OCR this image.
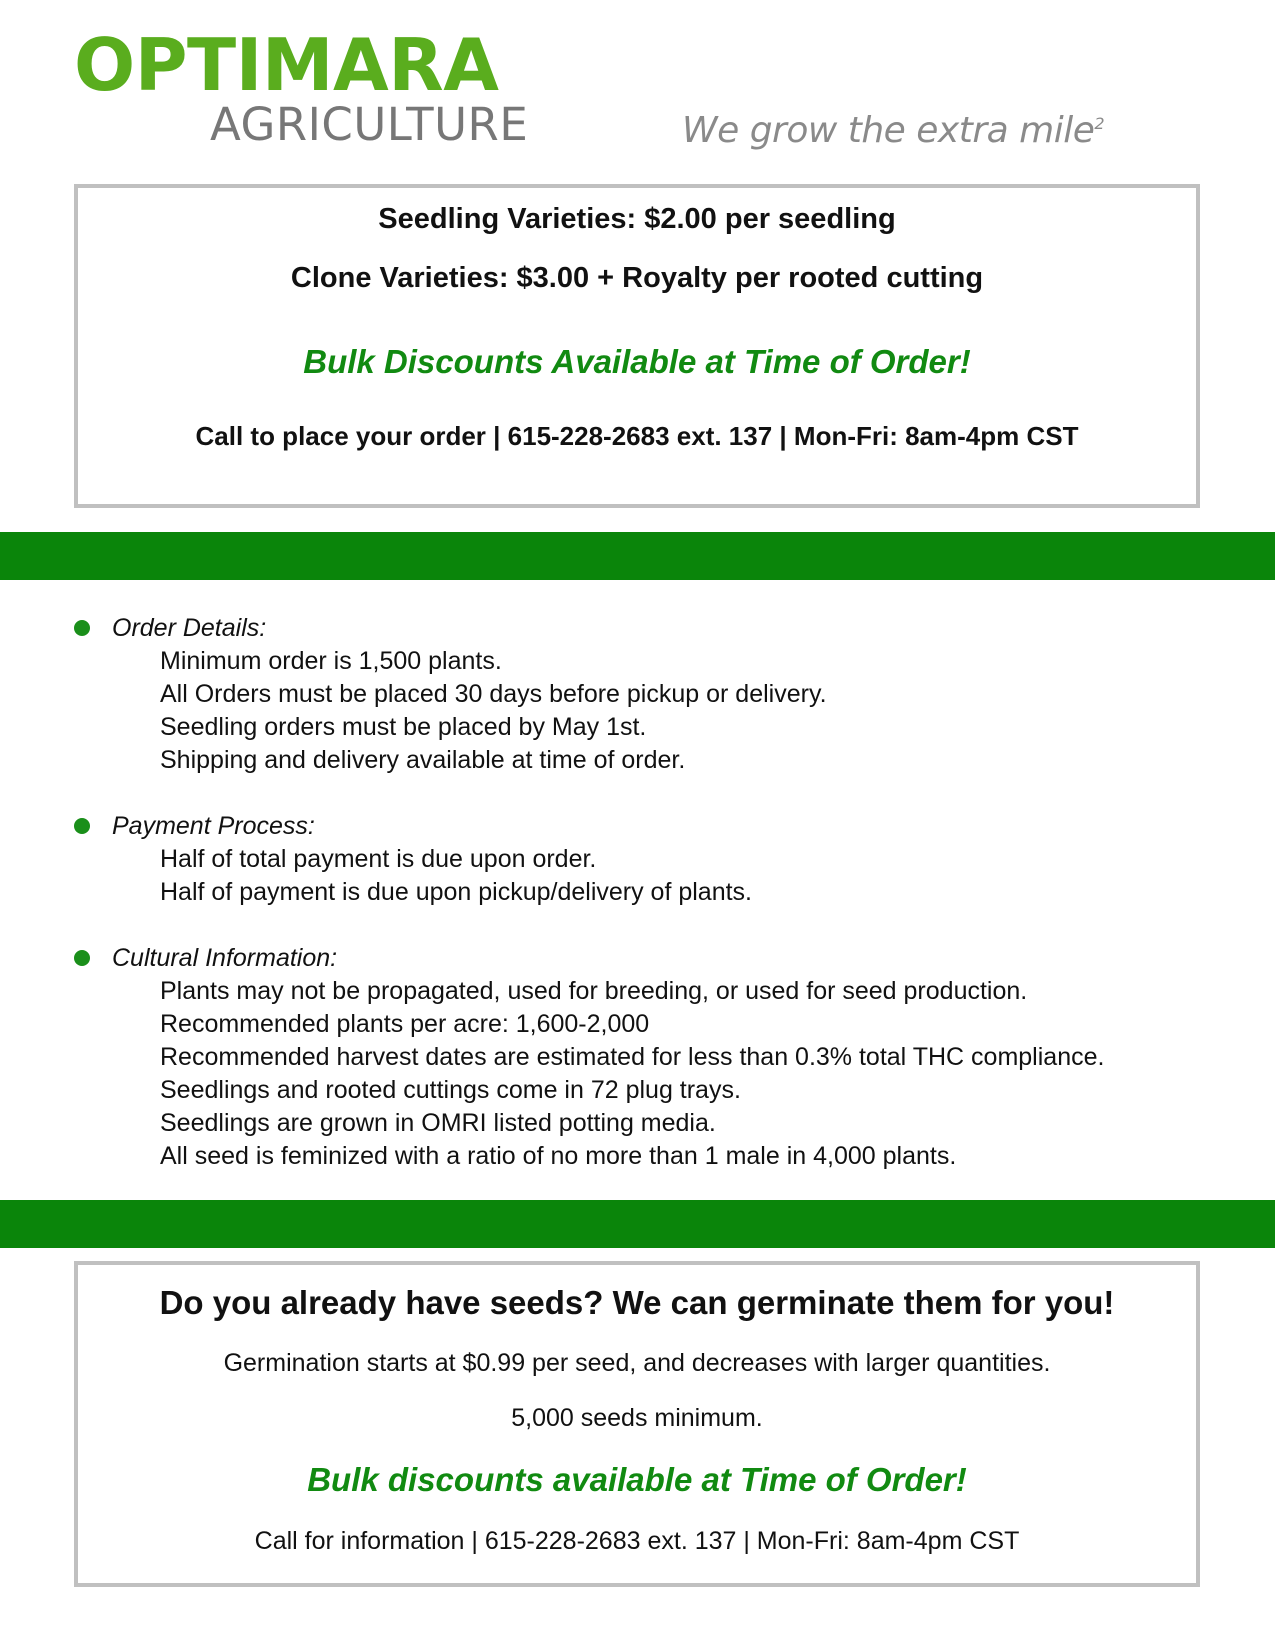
OPTIMARA
AGRICULTURE	We grow the extra mile$^2$

Seedling Varieties: $2.00 per seedling

Clone Varieties: $3.00 + Royalty per rooted cutting

Bulk Discounts Available at Time of Order!

Call to place your order | 615-228-2683 ext. 137 | Mon-Fri: 8am-4pm CST

Order Details:

Minimum order is 1,500 plants.

All Orders must be placed 30 days before pickup or delivery.

Seedling orders must be placed by May 1st.

Shipping and delivery available at time of order.

Payment Process:

Half of total payment is due upon order.

Half of payment is due upon pickup/delivery of plants.

Cultural Information:

Plants may not be propagated, used for breeding, or used for seed production.

Recommended plants per acre: 1,600-2,000

Recommended harvest dates are estimated for less than 0.3% total THC compliance.

Seedlings and rooted cuttings come in 72 plug trays.

Seedlings are grown in OMRI listed potting media.

All seed is feminized with a ratio of no more than 1 male in 4,000 plants.

Do you already have seeds? We can germinate them for you!

Germination starts at $0.99 per seed, and decreases with larger quantities.

5,000 seeds minimum.

Bulk discounts available at Time of Order!

Call for information | 615-228-2683 ext. 137 | Mon-Fri: 8am-4pm CST
